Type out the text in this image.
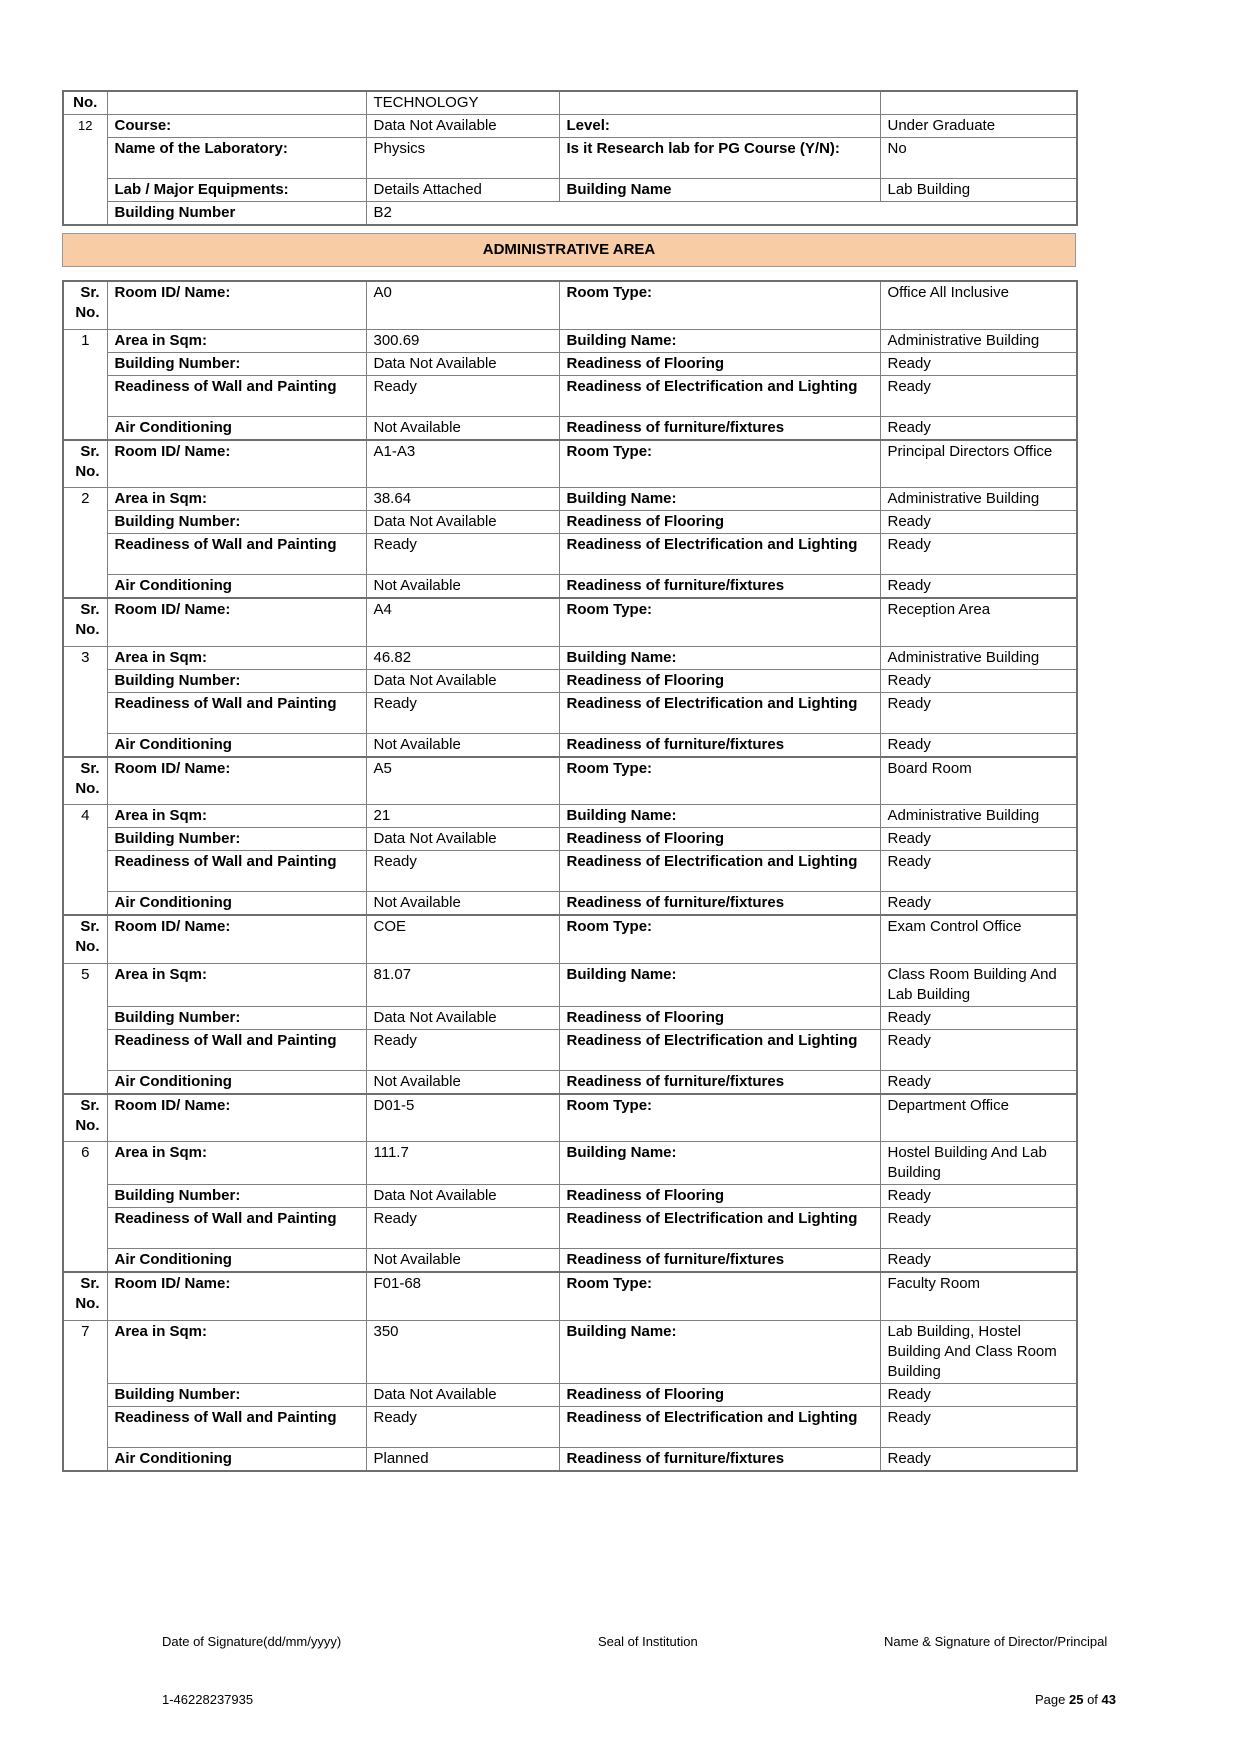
No.		TECHNOLOGY		
12	Course:	Data Not Available	Level:	Under Graduate
	Name of the Laboratory:	Physics	Is it Research lab for PG Course (Y/N):	No
	Lab / Major Equipments:	Details Attached	Building Name	Lab Building
	Building Number	B2		
ADMINISTRATIVE AREA
Sr. No.	Room ID/ Name:	A0	Room Type:	Office All Inclusive
1	Area in Sqm:	300.69	Building Name:	Administrative Building
	Building Number:	Data Not Available	Readiness of Flooring	Ready
	Readiness of Wall and Painting	Ready	Readiness of Electrification and Lighting	Ready
	Air Conditioning	Not Available	Readiness of furniture/fixtures	Ready
Sr. No.	Room ID/ Name:	A1-A3	Room Type:	Principal Directors Office
2	Area in Sqm:	38.64	Building Name:	Administrative Building
	Building Number:	Data Not Available	Readiness of Flooring	Ready
	Readiness of Wall and Painting	Ready	Readiness of Electrification and Lighting	Ready
	Air Conditioning	Not Available	Readiness of furniture/fixtures	Ready
Sr. No.	Room ID/ Name:	A4	Room Type:	Reception Area
3	Area in Sqm:	46.82	Building Name:	Administrative Building
	Building Number:	Data Not Available	Readiness of Flooring	Ready
	Readiness of Wall and Painting	Ready	Readiness of Electrification and Lighting	Ready
	Air Conditioning	Not Available	Readiness of furniture/fixtures	Ready
Sr. No.	Room ID/ Name:	A5	Room Type:	Board Room
4	Area in Sqm:	21	Building Name:	Administrative Building
	Building Number:	Data Not Available	Readiness of Flooring	Ready
	Readiness of Wall and Painting	Ready	Readiness of Electrification and Lighting	Ready
	Air Conditioning	Not Available	Readiness of furniture/fixtures	Ready
Sr. No.	Room ID/ Name:	COE	Room Type:	Exam Control Office
5	Area in Sqm:	81.07	Building Name:	Class Room Building And Lab Building
	Building Number:	Data Not Available	Readiness of Flooring	Ready
	Readiness of Wall and Painting	Ready	Readiness of Electrification and Lighting	Ready
	Air Conditioning	Not Available	Readiness of furniture/fixtures	Ready
Sr. No.	Room ID/ Name:	D01-5	Room Type:	Department Office
6	Area in Sqm:	111.7	Building Name:	Hostel Building And Lab Building
	Building Number:	Data Not Available	Readiness of Flooring	Ready
	Readiness of Wall and Painting	Ready	Readiness of Electrification and Lighting	Ready
	Air Conditioning	Not Available	Readiness of furniture/fixtures	Ready
Sr. No.	Room ID/ Name:	F01-68	Room Type:	Faculty Room
7	Area in Sqm:	350	Building Name:	Lab Building, Hostel Building And Class Room Building
	Building Number:	Data Not Available	Readiness of Flooring	Ready
	Readiness of Wall and Painting	Ready	Readiness of Electrification and Lighting	Ready
	Air Conditioning	Planned	Readiness of furniture/fixtures	Ready
Date of Signature(dd/mm/yyyy)	Seal of Institution	Name & Signature of Director/Principal
1-46228237935	Page 25 of 43
